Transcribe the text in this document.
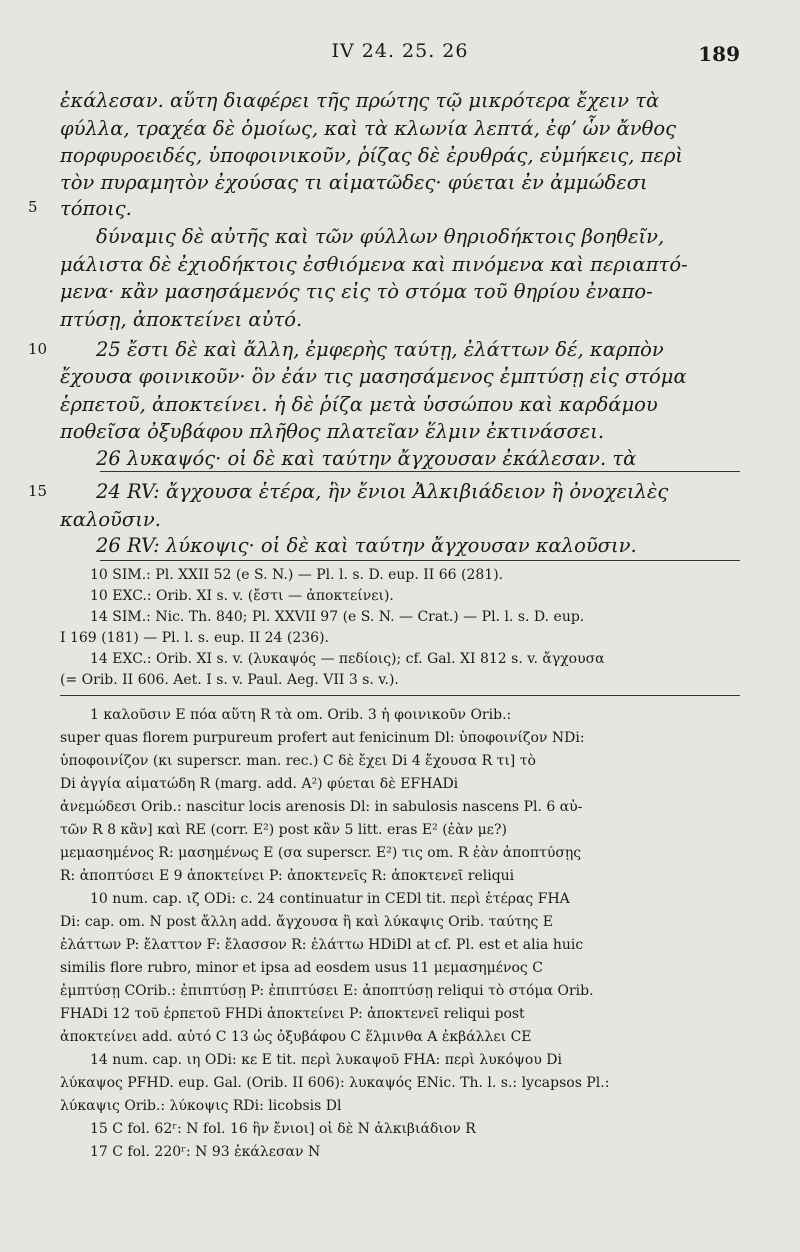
IV 24. 25. 26	189
ἐκάλεσαν. αὕτη διαφέρει τῆς πρώτης τῷ μικρότερα ἔχειν τὰ
φύλλα, τραχέα δὲ ὁμοίως, καὶ τὰ κλωνία λεπτά, ἐφʼ ὧν ἄνθος
πορφυροειδές, ὑποφοινικοῦν, ῥίζας δὲ ἐρυθράς, εὐμήκεις, περὶ
τὸν πυραμητὸν ἐχούσας τι αἱματῶδες· φύεται ἐν ἀμμώδεσι
τόποις.
δύναμις δὲ αὐτῆς καὶ τῶν φύλλων θηριοδήκτοις βοηθεῖν,
μάλιστα δὲ ἐχιοδήκτοις ἐσθιόμενα καὶ πινόμενα καὶ περιαπτό-
μενα· κἂν μασησάμενός τις εἰς τὸ στόμα τοῦ θηρίου ἐναπο-
πτύσῃ, ἀποκτείνει αὐτό.
25 ἔστι δὲ καὶ ἄλλη, ἐμφερὴς ταύτῃ, ἐλάττων δέ, καρπὸν
ἔχουσα φοινικοῦν· ὃν ἐάν τις μασησάμενος ἐμπτύσῃ εἰς στόμα
ἑρπετοῦ, ἀποκτείνει. ἡ δὲ ῥίζα μετὰ ὑσσώπου καὶ καρδάμου
ποθεῖσα ὀξυβάφου πλῆθος πλατεῖαν ἕλμιν ἐκτινάσσει.
26 λυκαψός· οἱ δὲ καὶ ταύτην ἄγχουσαν ἐκάλεσαν. τὰ
24 RV: ἄγχουσα ἑτέρα, ἣν ἔνιοι Ἀλκιβιάδειον ἢ ὀνοχειλὲς
καλοῦσιν.
26 RV: λύκοψις· οἱ δὲ καὶ ταύτην ἄγχουσαν καλοῦσιν.
5
10
15
10 SIM.: Pl. XXII 52 (e S. N.) — Pl. l. s. D. eup. II 66 (281).
10 EXC.: Orib. XI s. v. (ἔστι — ἀποκτείνει).
14 SIM.: Nic. Th. 840; Pl. XXVII 97 (e S. N. — Crat.) — Pl. l. s. D. eup.
I 169 (181) — Pl. l. s. eup. II 24 (236).
14 EXC.: Orib. XI s. v. (λυκαψός — πεδίοις); cf. Gal. XI 812 s. v. ἄγχουσα
(= Orib. II 606. Aet. I s. v. Paul. Aeg. VII 3 s. v.).
1 καλοῦσιν E πόα αὕτη R τὰ om. Orib. 3 ἡ φοινικοῦν Orib.:
super quas florem purpureum profert aut fenicinum Dl: ὑποφοινίζον NDi:
ὑποφοινίζον (κι superscr. man. rec.) C δὲ ἔχει Di 4 ἔχουσα R τι] τὸ
Di ἀγγία αἱματώδη R (marg. add. A²) φύεται δὲ EFHADi
ἀνεμώδεσι Orib.: nascitur locis arenosis Dl: in sabulosis nascens Pl. 6 αὐ-
τῶν R 8 κἂν] καὶ RE (corr. E²) post κἂν 5 litt. eras E² (ἐὰν με?)
μεμασημένος R: μασημένως E (σα superscr. E²) τις om. R ἐὰν ἀποπτύσῃς
R: ἀποπτύσει E 9 ἀποκτείνει P: ἀποκτενεῖς R: ἀποκτενεῖ reliqui
10 num. cap. ιζ ODi: c. 24 continuatur in CEDl tit. περὶ ἑτέρας FHA
Di: cap. om. N post ἄλλη add. ἄγχουσα ἢ καὶ λύκαψις Orib. ταύτης E
ἐλάττων P: ἔλαττον F: ἔλασσον R: ἐλάττω HDiDl at cf. Pl. est et alia huic
similis flore rubro, minor et ipsa ad eosdem usus 11 μεμασημένος C
ἐμπτύσῃ COrib.: ἐπιπτύσῃ P: ἐπιπτύσει E: ἀποπτύσῃ reliqui τὸ στόμα Orib.
FHADi 12 τοῦ ἑρπετοῦ FHDi ἀποκτείνει P: ἀποκτενεῖ reliqui post
ἀποκτείνει add. αὐτό C 13 ὡς ὀξυβάφου C ἕλμινθα A ἐκβάλλει CE
14 num. cap. ιη ODi: κε E tit. περὶ λυκαψοῦ FHA: περὶ λυκόψου Di
λύκαψος PFHD. eup. Gal. (Orib. II 606): λυκαψός ENic. Th. l. s.: lycapsos Pl.:
λύκαψις Orib.: λύκοψις RDi: licobsis Dl
15 C fol. 62ʳ: N fol. 16 ἣν ἔνιοι] οἱ δὲ N ἀλκιβιάδιον R
17 C fol. 220ʳ: N 93 ἐκάλεσαν N
